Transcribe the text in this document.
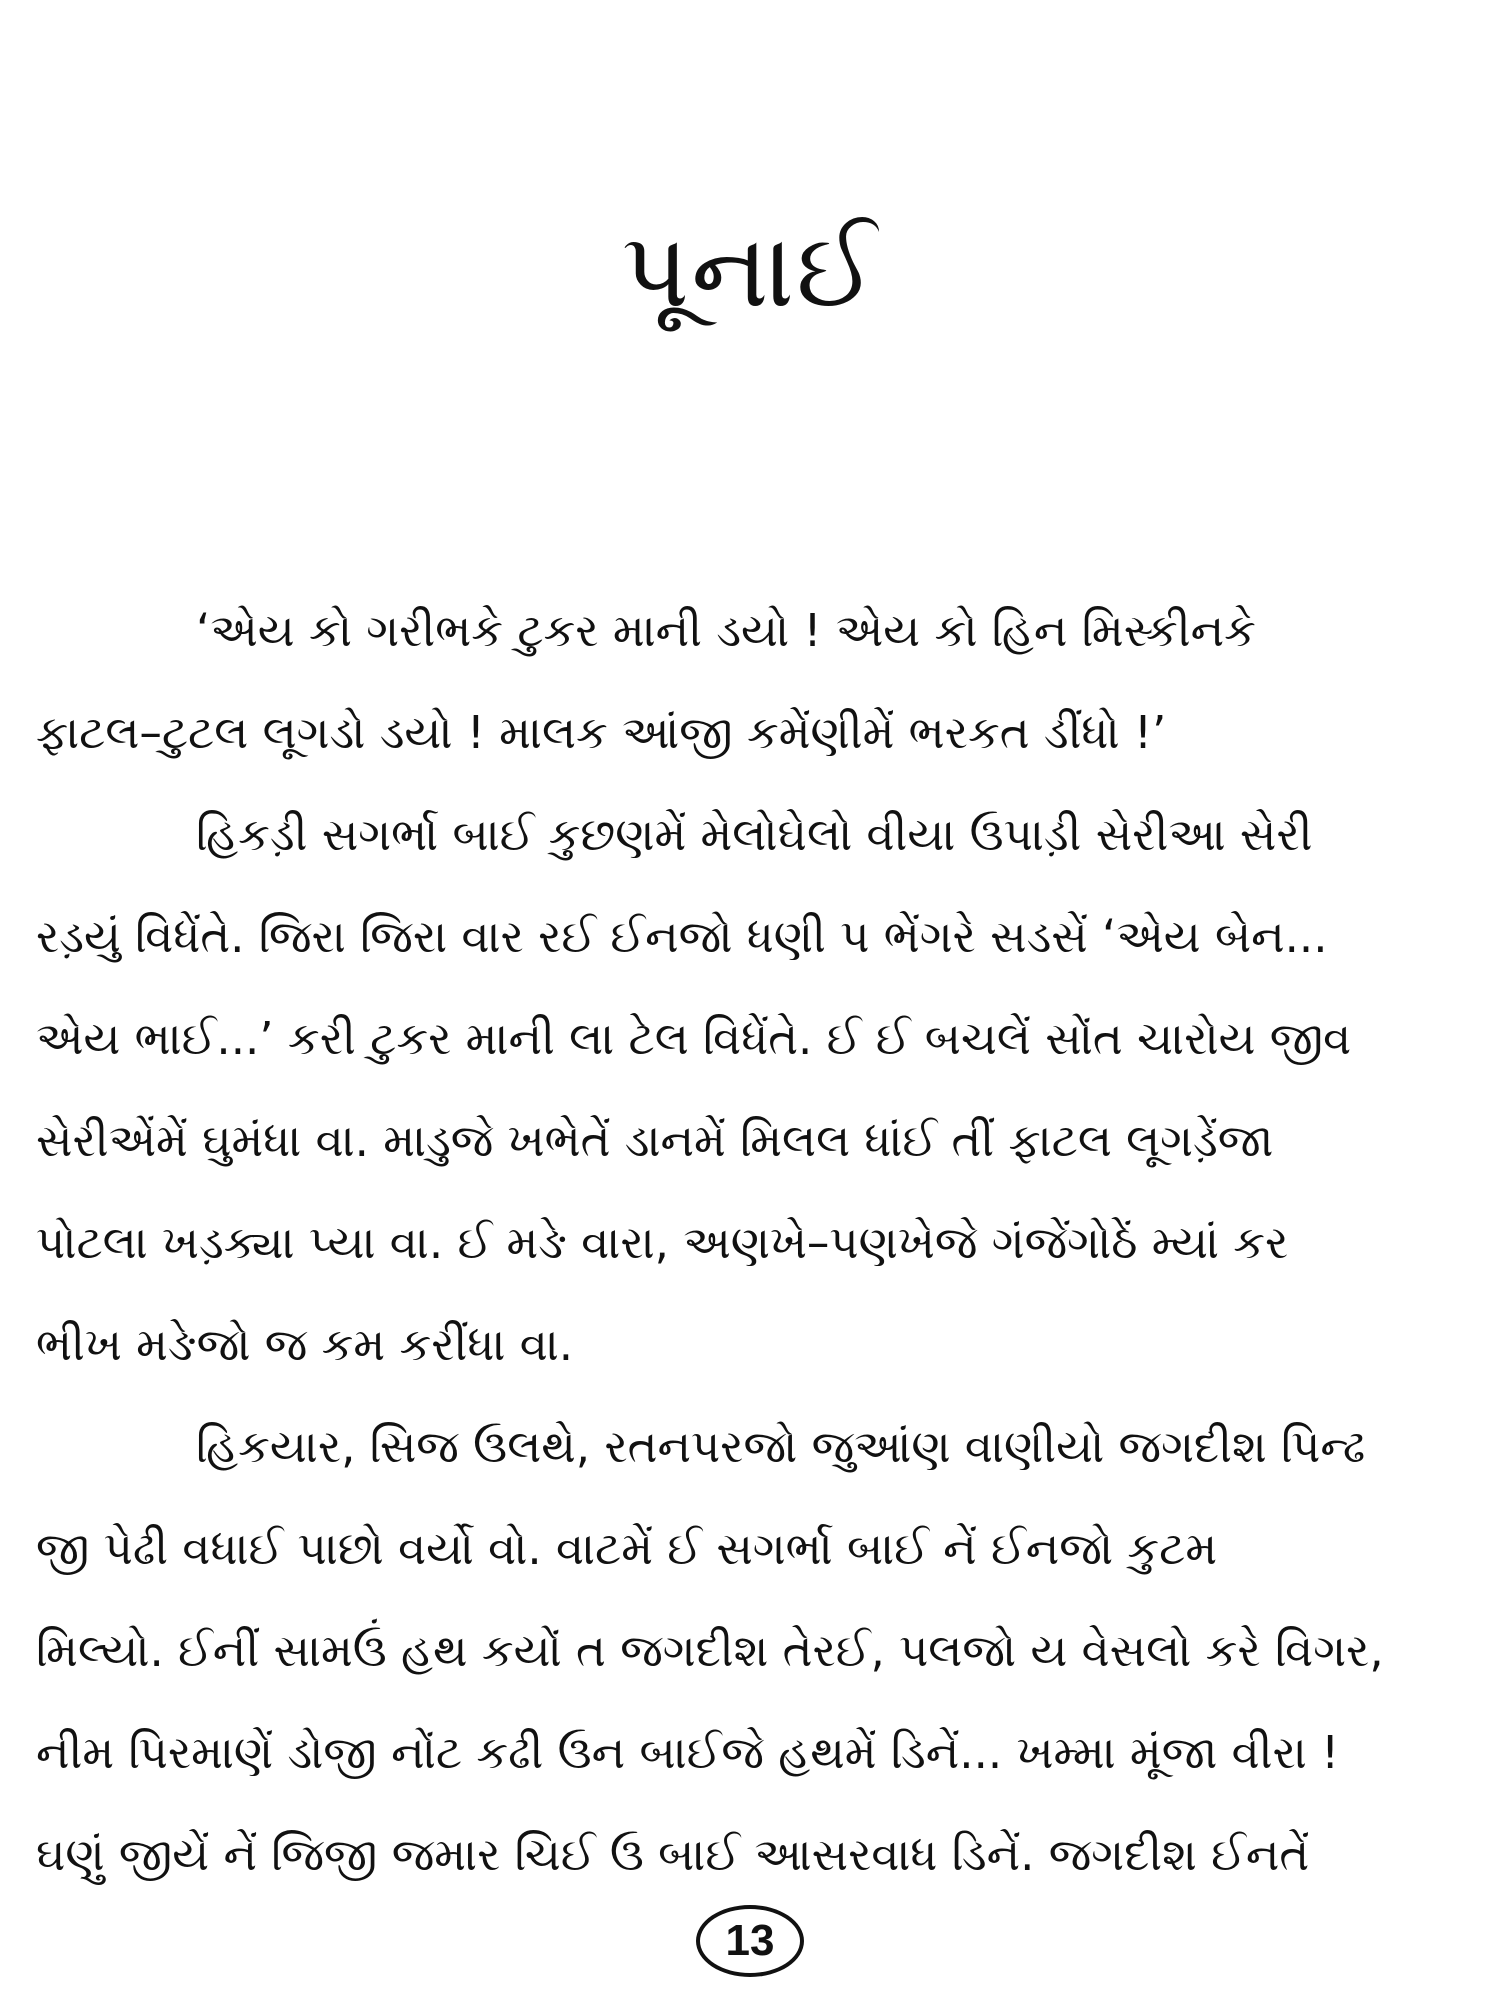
પૂનાઈ
‘એય કો ગરીભકે ટુકર માની ડયો ! એય કો હિન મિસ્કીનકે
ફાટલ–ટુટલ લૂગડો ડયો ! માલક આંજી કમેંણીમેં ભરકત ડીંધો !’
હિકડ઼ી સગર્ભા બાઈ કુછણમેં મેલોઘેલો વીયા ઉપાડ઼ી સેરીઆ સેરી
રડ઼યું વિધેંતે. જિરા જિરા વાર રઈ ઈનજો ધણી પ ભેંગરે સડસેં ‘એય બેન...
એય ભાઈ...’ કરી ટુકર માની લા ટેલ વિધેંતે. ઈ ઈ બચલેં સોંત ચારોય જીવ
સેરીએંમેં ઘુમંધા વા. માડુજે ખભેતેં ડાનમેં મિલલ ધાંઈ તીં ફાટલ લૂગડ઼ેંજા
પોટલા ખડ઼ક્યા પ્યા વા. ઈ મઙે વારા, અણખે–પણખેજે ગંજેંગોઠેં મ્યાં કર
ભીખ મઙેજો જ કમ કરીંધા વા.
હિકયાર, સિજ ઉલથે, રતનપરજો જુઆંણ વાણીયો જગદીશ પિન્ઢ
જી પેઢી વધાઈ પાછો વર્યો વો. વાટમેં ઈ સગર્ભા બાઈ નેં ઈનજો કુટમ
મિલ્યો. ઈનીં સામઉં હથ કયોં ત જગદીશ તેરઈ, પલજો ય વેસલો કરે વિગર,
નીમ પિરમાણેં ડોજી નોંટ કઢી ઉન બાઈજે હથમેં ડિનેં... ખમ્મા મૂંજા વીરા !
ઘણું જીયેં નેં જિજી જમાર ચિઈ ઉ બાઈ આસરવાધ ડિનેં. જગદીશ ઈનતેં
13
